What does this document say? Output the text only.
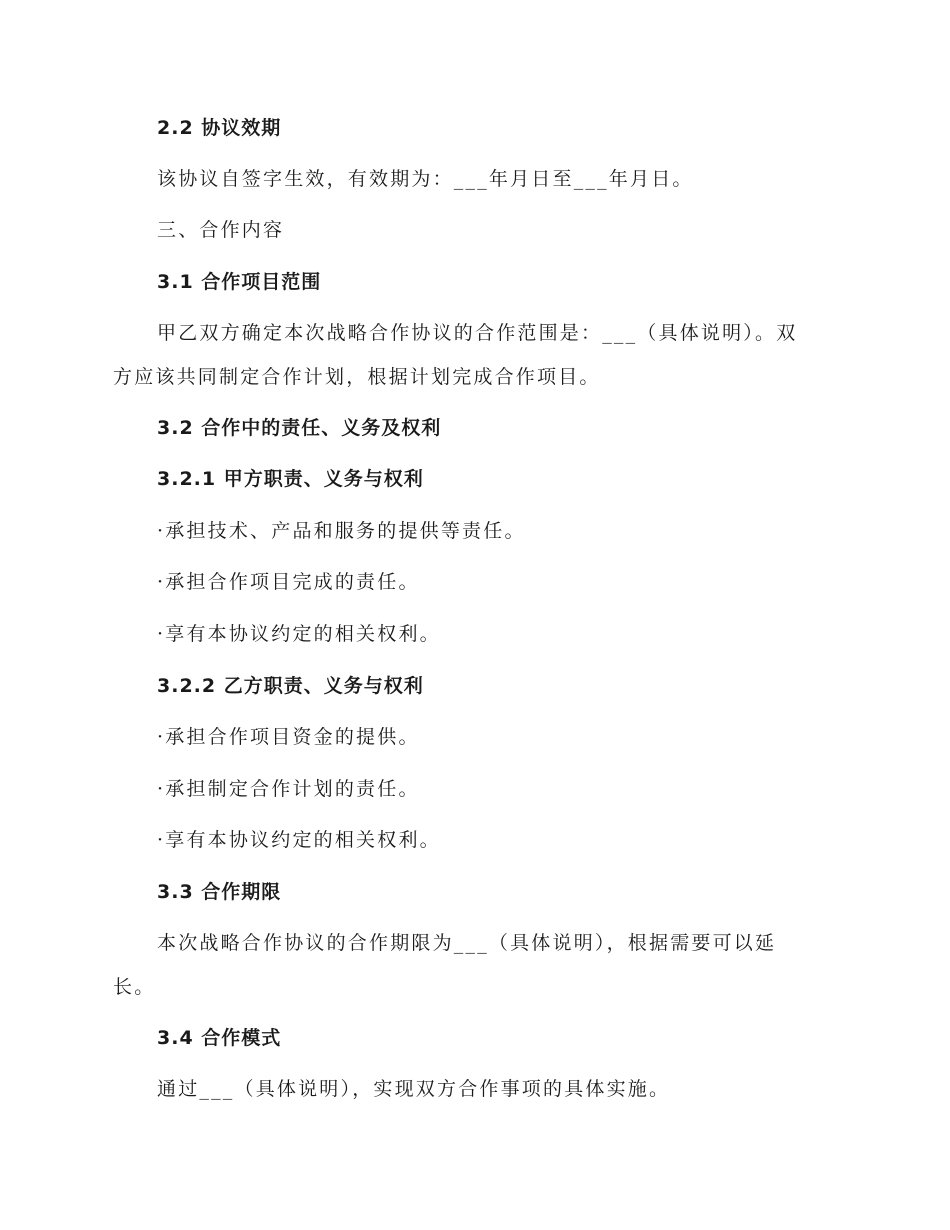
2.2 协议效期
该协议自签字生效，有效期为：___年月日至___年月日。
三、合作内容
3.1 合作项目范围
甲乙双方确定本次战略合作协议的合作范围是：___（具体说明）。双
方应该共同制定合作计划，根据计划完成合作项目。
3.2 合作中的责任、义务及权利
3.2.1 甲方职责、义务与权利
·承担技术、产品和服务的提供等责任。
·承担合作项目完成的责任。
·享有本协议约定的相关权利。
3.2.2 乙方职责、义务与权利
·承担合作项目资金的提供。
·承担制定合作计划的责任。
·享有本协议约定的相关权利。
3.3 合作期限
本次战略合作协议的合作期限为___（具体说明），根据需要可以延
长。
3.4 合作模式
通过___（具体说明），实现双方合作事项的具体实施。
